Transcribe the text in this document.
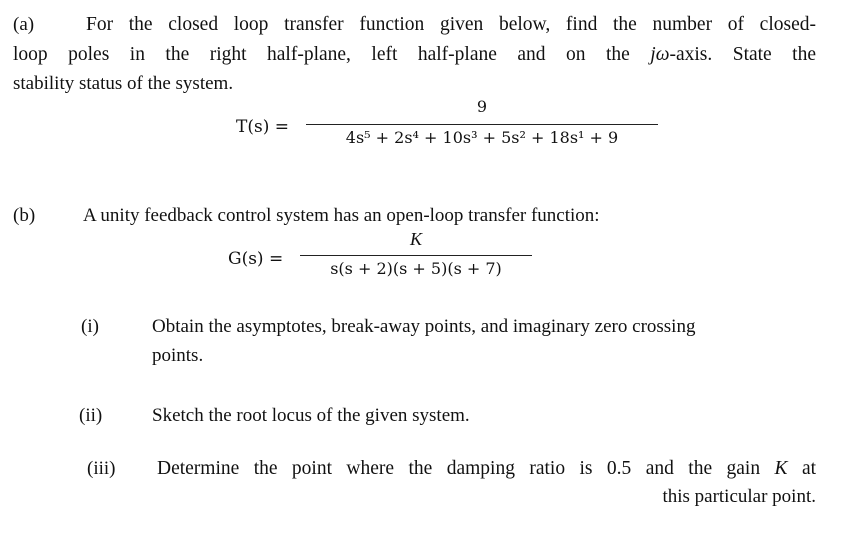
(a)	For the closed loop transfer function given below, find the number of closed-
loop poles in the right half-plane, left half-plane and on the jω-axis. State the
stability status of the system.
T(s) =
9
4s⁵ + 2s⁴ + 10s³ + 5s² + 18s¹ + 9
(b)	A unity feedback control system has an open-loop transfer function:
G(s) =
K
s(s + 2)(s + 5)(s + 7)
(i)	Obtain the asymptotes, break-away points, and imaginary zero crossing
points.
(ii)	Sketch the root locus of the given system.
(iii) Determine the point where the damping ratio is 0.5 and the gain K at
this particular point.
